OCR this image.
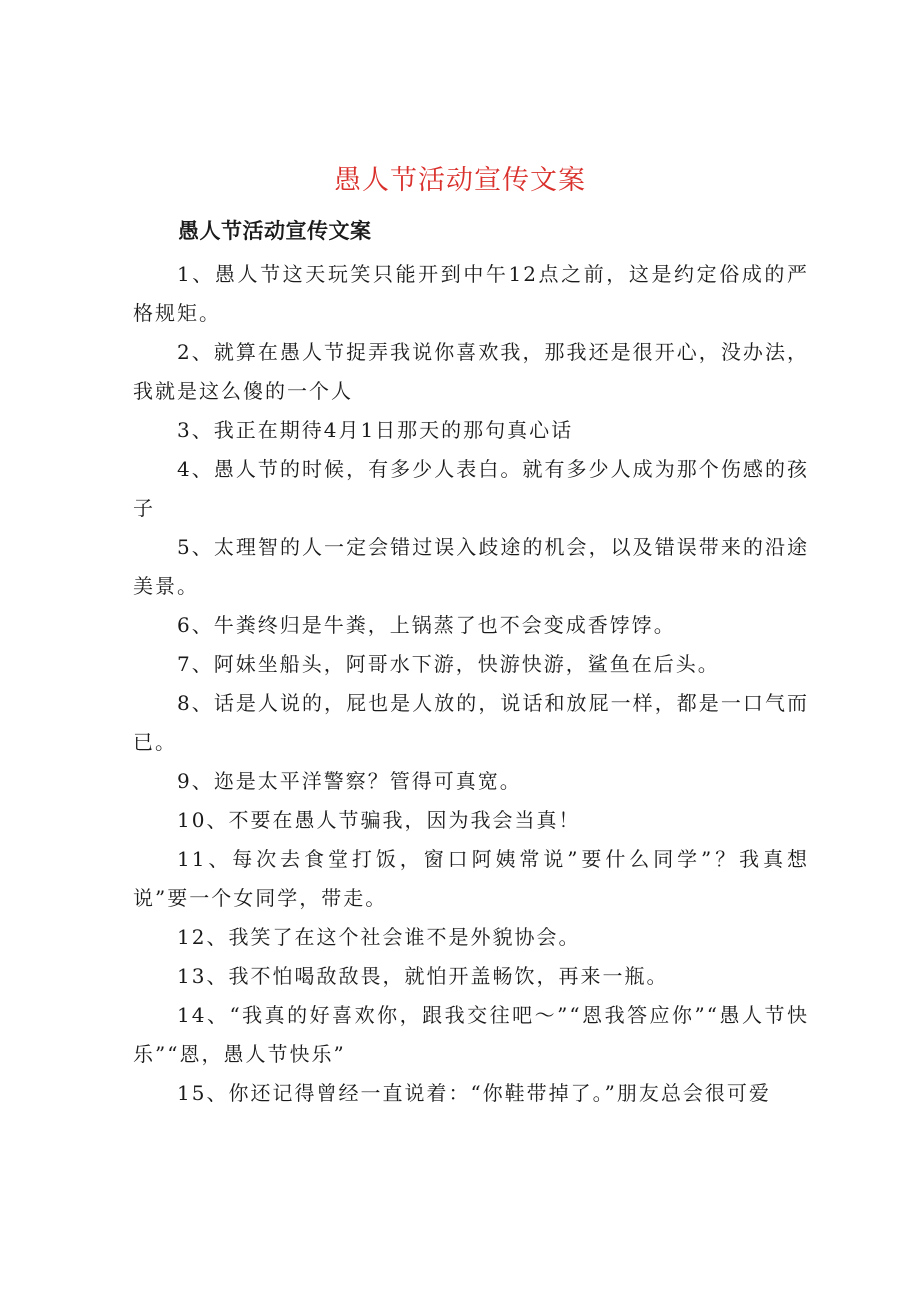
愚人节活动宣传文案
愚人节活动宣传文案

1、愚人节这天玩笑只能开到中午12点之前，这是约定俗成的严格规矩。

2、就算在愚人节捉弄我说你喜欢我，那我还是很开心，没办法，我就是这么傻的一个人

3、我正在期待4月1日那天的那句真心话

4、愚人节的时候，有多少人表白。就有多少人成为那个伤感的孩子

5、太理智的人一定会错过误入歧途的机会，以及错误带来的沿途美景。

6、牛粪终归是牛粪，上锅蒸了也不会变成香饽饽。

7、阿妹坐船头，阿哥水下游，快游快游，鲨鱼在后头。

8、话是人说的，屁也是人放的，说话和放屁一样，都是一口气而已。

9、迩是太平洋警察？管得可真宽。

10、不要在愚人节骗我，因为我会当真！

11、每次去食堂打饭，窗口阿姨常说”要什么同学”？我真想说”要一个女同学，带走。

12、我笑了在这个社会谁不是外貌协会。

13、我不怕喝敌敌畏，就怕开盖畅饮，再来一瓶。

14、“我真的好喜欢你，跟我交往吧～”“恩我答应你”“愚人节快乐”“恩，愚人节快乐”

15、你还记得曾经一直说着：“你鞋带掉了。”朋友总会很可爱
